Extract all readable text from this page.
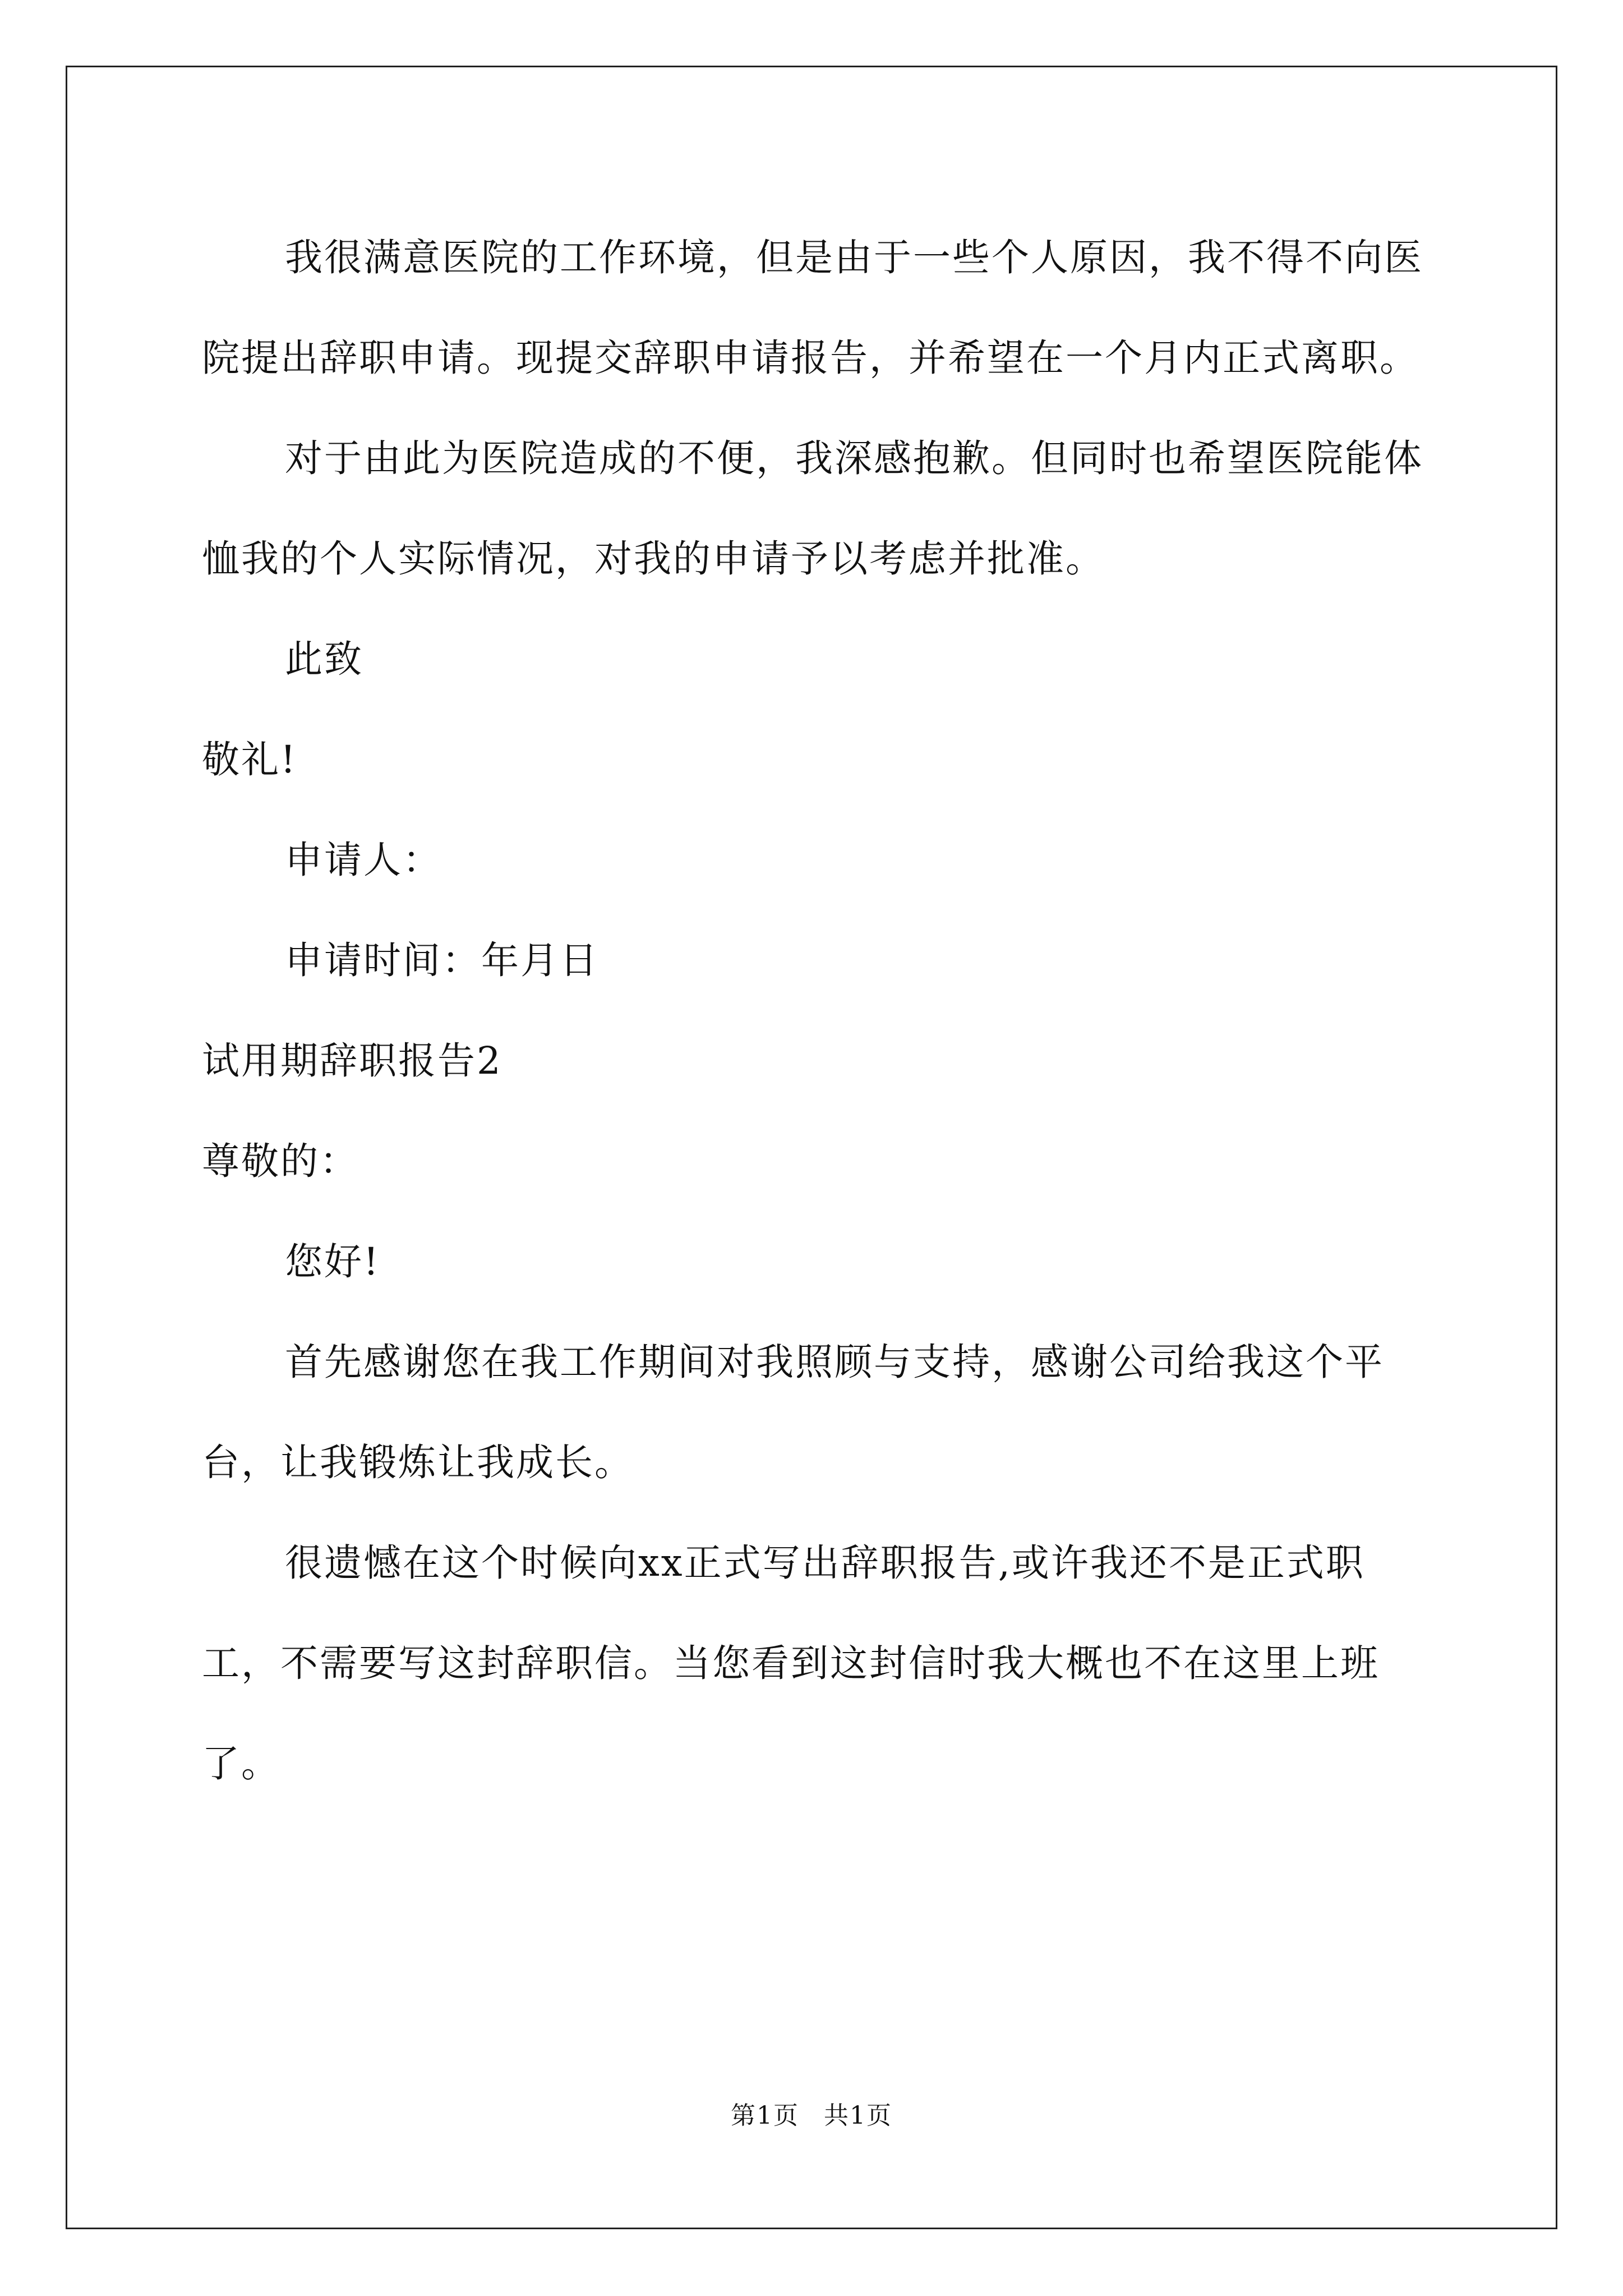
我很满意医院的工作环境，但是由于一些个人原因，我不得不向医院提出辞职申请。现提交辞职申请报告，并希望在一个月内正式离职。

对于由此为医院造成的不便，我深感抱歉。但同时也希望医院能体恤我的个人实际情况，对我的申请予以考虑并批准。

此致

敬礼!

申请人：

申请时间：年月日

试用期辞职报告2

尊敬的：

您好!

首先感谢您在我工作期间对我照顾与支持，感谢公司给我这个平台，让我锻炼让我成长。

很遗憾在这个时候向xx正式写出辞职报告,或许我还不是正式职工，不需要写这封辞职信。当您看到这封信时我大概也不在这里上班了。

第1页 共1页
